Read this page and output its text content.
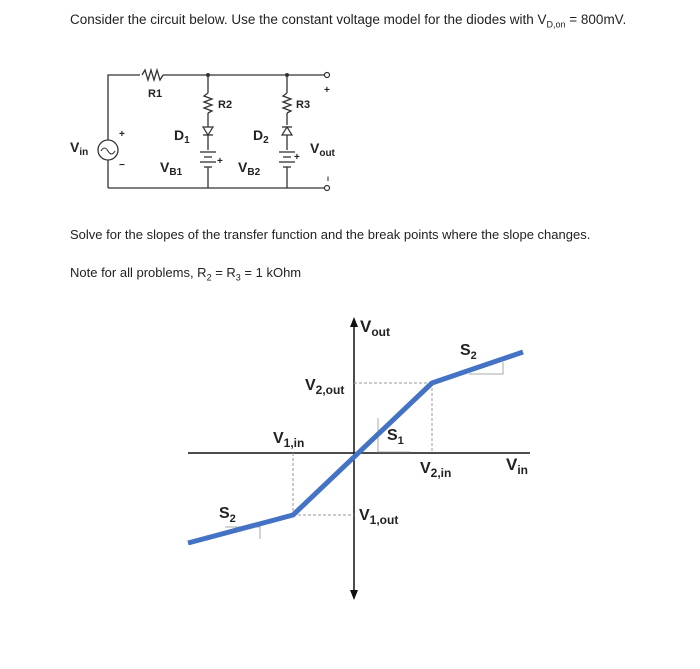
Consider the circuit below. Use the constant voltage model for the diodes with $V_{D,on} = 800mV$.
Solve for the slopes of the transfer function and the break points where the slope changes.
Note for all problems, $R_2 = R_3 = 1$ kOhm
R1
R2	R3
$D_1$	$D_2$
$V_{B1}$	$V_{B2}$
$V_{in}$	$V_{out}$
+
−	+	+
+
−
$V_{out}$
$V_{in}$
$V_{2,out}$
$V_{1,in}$
$V_{2,in}$
$V_{1,out}$
$S_1$
$S_2$
$S_2$
